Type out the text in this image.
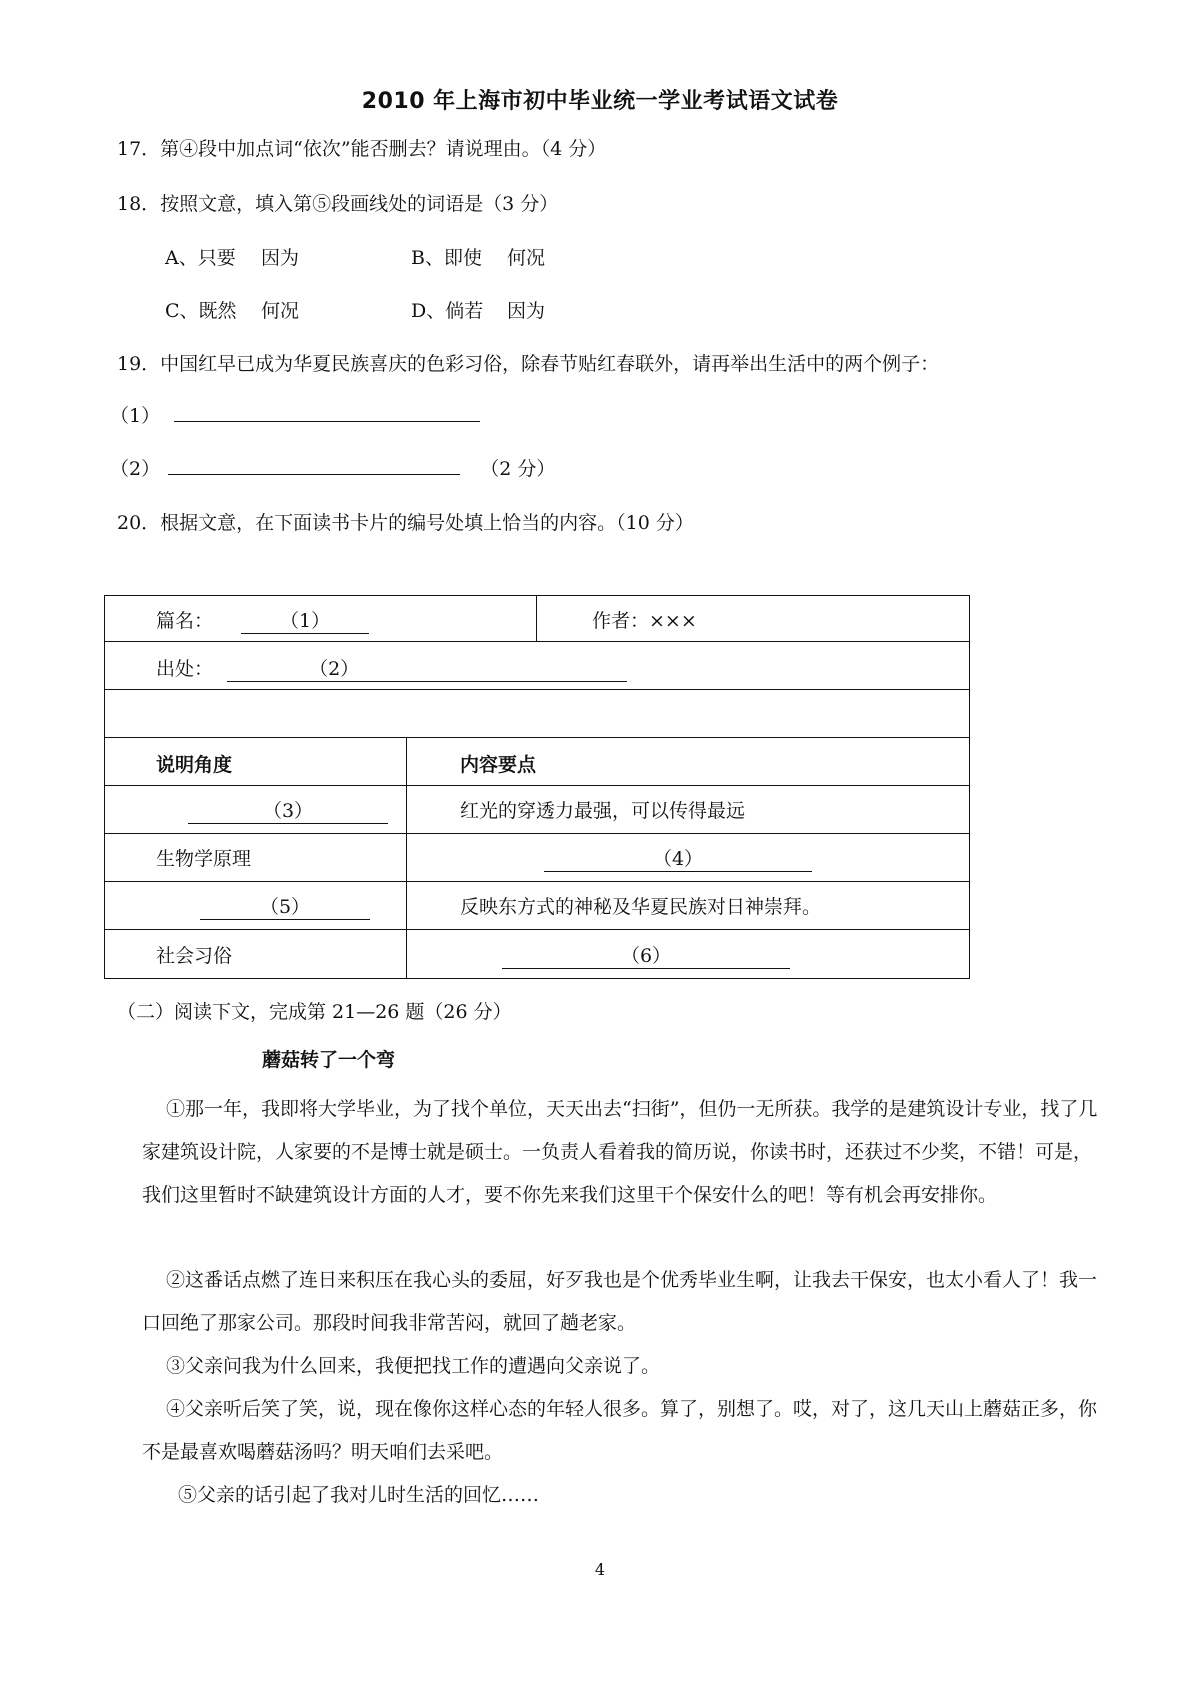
2010 年上海市初中毕业统一学业考试语文试卷
17．第④段中加点词“依次”能否删去？请说理由。（4 分）
18．按照文意，填入第⑤段画线处的词语是（3 分）
A、只要 因为	B、即使 何况
C、既然 何况	D、倘若 因为
19．中国红早已成为华夏民族喜庆的色彩习俗，除春节贴红春联外，请再举出生活中的两个例子：
（1）
（2）	（2 分）
20．根据文意，在下面读书卡片的编号处填上恰当的内容。（10 分）
篇名：	（1）	作者：×××
出处：	（2）
说明角度	内容要点
（3）	红光的穿透力最强，可以传得最远
生物学原理	（4）
（5）	反映东方式的神秘及华夏民族对日神崇拜。
社会习俗	（6）
（二）阅读下文，完成第 21—26 题（26 分）
蘑菇转了一个弯
①那一年，我即将大学毕业，为了找个单位，天天出去“扫街”，但仍一无所获。我学的是建筑设计专业，找了几家建筑设计院，人家要的不是博士就是硕士。一负责人看着我的简历说，你读书时，还获过不少奖，不错！可是，我们这里暂时不缺建筑设计方面的人才，要不你先来我们这里干个保安什么的吧！等有机会再安排你。
②这番话点燃了连日来积压在我心头的委屈，好歹我也是个优秀毕业生啊，让我去干保安，也太小看人了！我一口回绝了那家公司。那段时间我非常苦闷，就回了趟老家。
③父亲问我为什么回来，我便把找工作的遭遇向父亲说了。
④父亲听后笑了笑，说，现在像你这样心态的年轻人很多。算了，别想了。哎，对了，这几天山上蘑菇正多，你不是最喜欢喝蘑菇汤吗？明天咱们去采吧。
⑤父亲的话引起了我对儿时生活的回忆……
4
